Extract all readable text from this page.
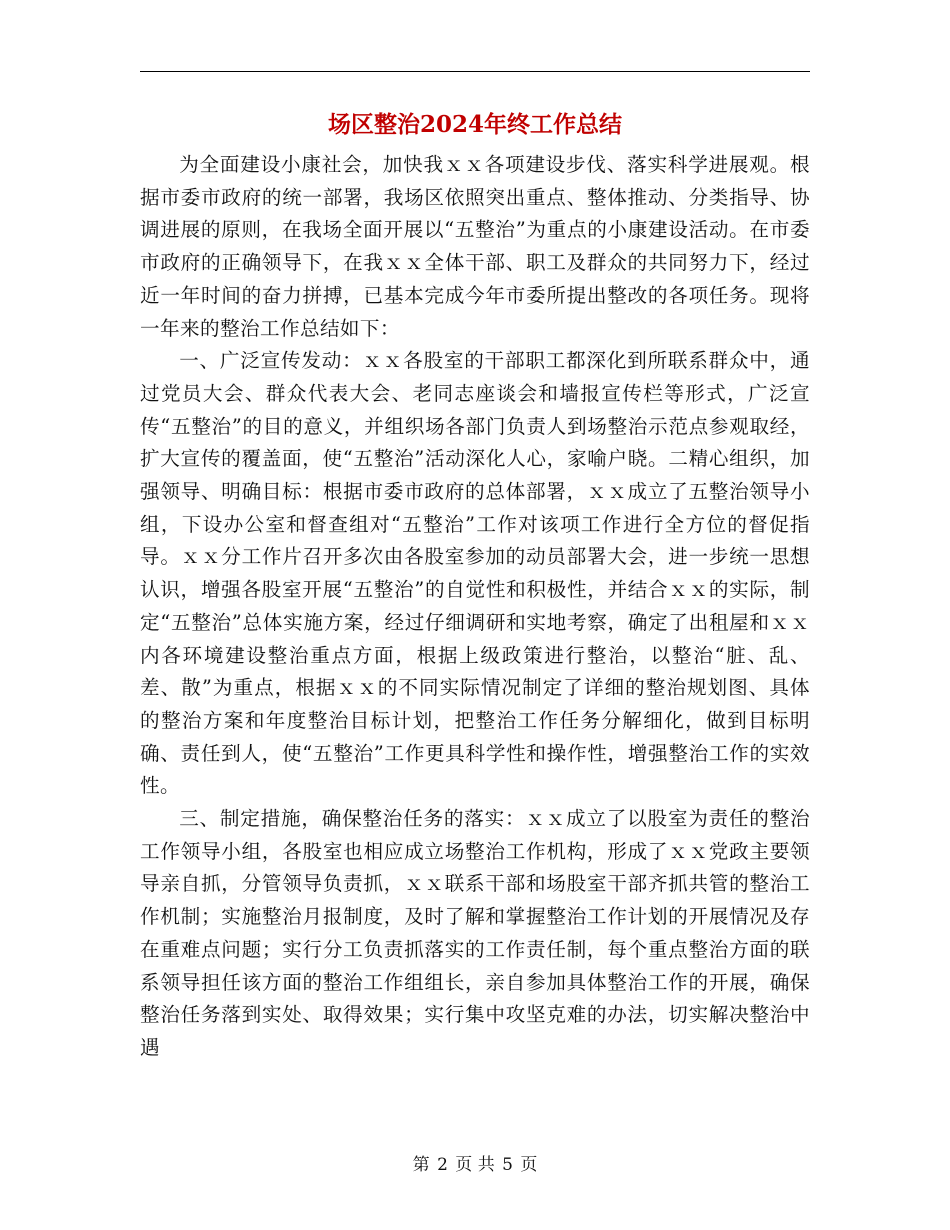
场区整治2024年终工作总结

为全面建设小康社会，加快我ｘｘ各项建设步伐、落实科学进展观。根据市委市政府的统一部署，我场区依照突出重点、整体推动、分类指导、协调进展的原则，在我场全面开展以“五整治”为重点的小康建设活动。在市委市政府的正确领导下，在我ｘｘ全体干部、职工及群众的共同努力下，经过近一年时间的奋力拼搏，已基本完成今年市委所提出整改的各项任务。现将一年来的整治工作总结如下：

一、广泛宣传发动：ｘｘ各股室的干部职工都深化到所联系群众中，通过党员大会、群众代表大会、老同志座谈会和墙报宣传栏等形式，广泛宣传“五整治”的目的意义，并组织场各部门负责人到场整治示范点参观取经，扩大宣传的覆盖面，使“五整治”活动深化人心，家喻户晓。二精心组织，加强领导、明确目标：根据市委市政府的总体部署，ｘｘ成立了五整治领导小组，下设办公室和督查组对“五整治”工作对该项工作进行全方位的督促指导。ｘｘ分工作片召开多次由各股室参加的动员部署大会，进一步统一思想认识，增强各股室开展“五整治”的自觉性和积极性，并结合ｘｘ的实际，制定“五整治”总体实施方案，经过仔细调研和实地考察，确定了出租屋和ｘｘ内各环境建设整治重点方面，根据上级政策进行整治，以整治“脏、乱、差、散”为重点，根据ｘｘ的不同实际情况制定了详细的整治规划图、具体的整治方案和年度整治目标计划，把整治工作任务分解细化，做到目标明确、责任到人，使“五整治”工作更具科学性和操作性，增强整治工作的实效性。

三、制定措施，确保整治任务的落实：ｘｘ成立了以股室为责任的整治工作领导小组，各股室也相应成立场整治工作机构，形成了ｘｘ党政主要领导亲自抓，分管领导负责抓，ｘｘ联系干部和场股室干部齐抓共管的整治工作机制；实施整治月报制度，及时了解和掌握整治工作计划的开展情况及存在重难点问题；实行分工负责抓落实的工作责任制，每个重点整治方面的联系领导担任该方面的整治工作组组长，亲自参加具体整治工作的开展，确保整治任务落到实处、取得效果；实行集中攻坚克难的办法，切实解决整治中遇

第 2 页 共 5 页
